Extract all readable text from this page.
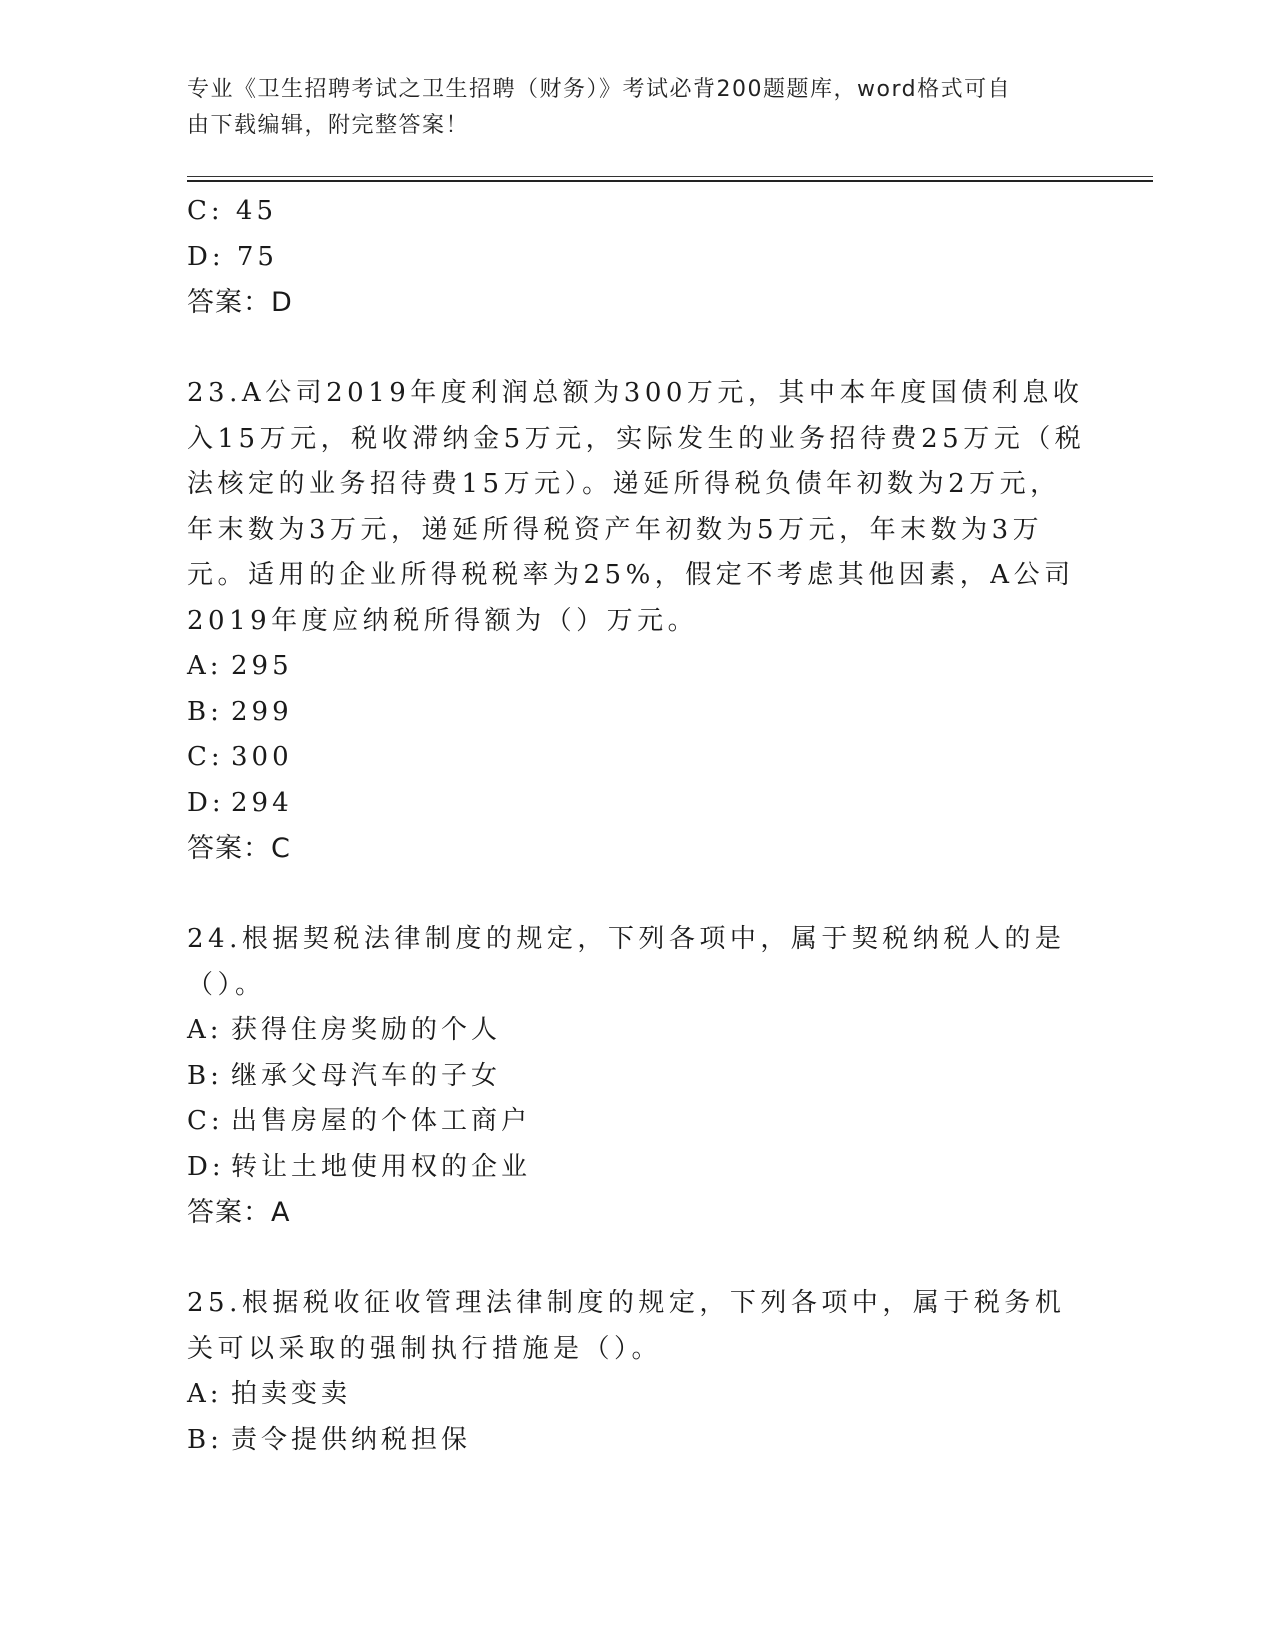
专业《卫生招聘考试之卫生招聘（财务）》考试必背200题题库，word格式可自
由下载编辑，附完整答案！
C: 45
D: 75
答案：D
23.A公司2019年度利润总额为300万元，其中本年度国债利息收入15万元，税收滞纳金5万元，实际发生的业务招待费25万元（税法核定的业务招待费15万元）。递延所得税负债年初数为2万元，年末数为3万元，递延所得税资产年初数为5万元，年末数为3万元。适用的企业所得税税率为25%，假定不考虑其他因素，A公司2019年度应纳税所得额为（）万元。
A: 295
B: 299
C: 300
D: 294
答案：C
24.根据契税法律制度的规定，下列各项中，属于契税纳税人的是（）。
A: 获得住房奖励的个人
B: 继承父母汽车的子女
C: 出售房屋的个体工商户
D: 转让土地使用权的企业
答案：A
25.根据税收征收管理法律制度的规定，下列各项中，属于税务机关可以采取的强制执行措施是（）。
A: 拍卖变卖
B: 责令提供纳税担保
